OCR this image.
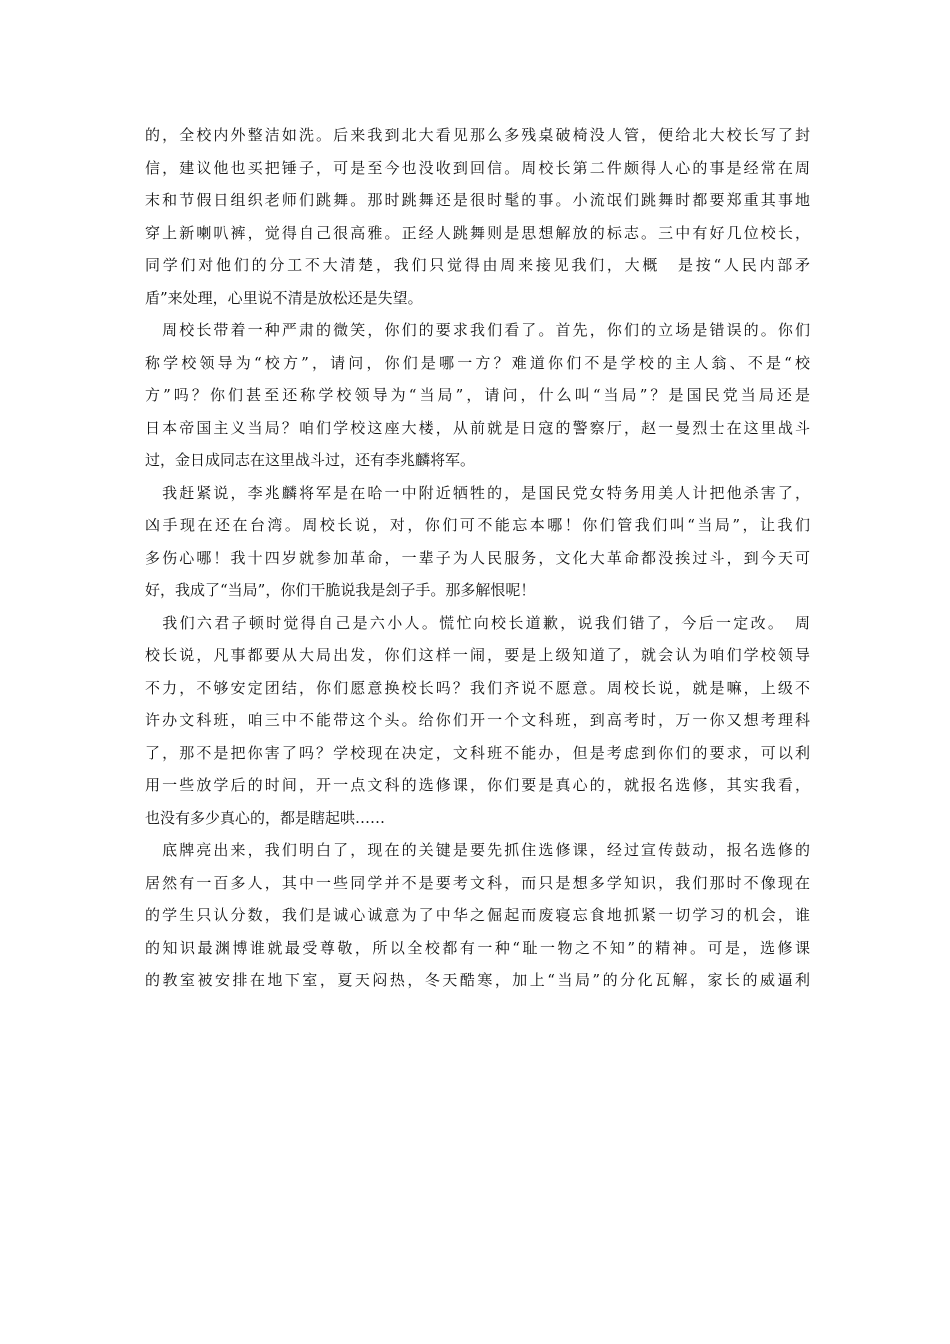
的，全校内外整洁如洗。后来我到北大看见那么多残桌破椅没人管，便给北大校长写了封
信，建议他也买把锤子，可是至今也没收到回信。周校长第二件颇得人心的事是经常在周
末和节假日组织老师们跳舞。那时跳舞还是很时髦的事。小流氓们跳舞时都要郑重其事地
穿上新喇叭裤，觉得自己很高雅。正经人跳舞则是思想解放的标志。三中有好几位校长，
同学们对他们的分工不大清楚，我们只觉得由周来接见我们，大概　是按“人民内部矛
盾”来处理，心里说不清是放松还是失望。
　周校长带着一种严肃的微笑，你们的要求我们看了。首先，你们的立场是错误的。你们
称学校领导为“校方”，请问，你们是哪一方？难道你们不是学校的主人翁、不是“校
方”吗？你们甚至还称学校领导为“当局”，请问，什么叫“当局”？是国民党当局还是
日本帝国主义当局？咱们学校这座大楼，从前就是日寇的警察厅，赵一曼烈士在这里战斗
过，金日成同志在这里战斗过，还有李兆麟将军。
　我赶紧说，李兆麟将军是在哈一中附近牺牲的，是国民党女特务用美人计把他杀害了，
凶手现在还在台湾。周校长说，对，你们可不能忘本哪！你们管我们叫“当局”，让我们
多伤心哪！我十四岁就参加革命，一辈子为人民服务，文化大革命都没挨过斗，到今天可
好，我成了“当局”，你们干脆说我是刽子手。那多解恨呢！
　我们六君子顿时觉得自己是六小人。慌忙向校长道歉，说我们错了，今后一定改。　周
校长说，凡事都要从大局出发，你们这样一闹，要是上级知道了，就会认为咱们学校领导
不力，不够安定团结，你们愿意换校长吗？我们齐说不愿意。周校长说，就是嘛，上级不
许办文科班，咱三中不能带这个头。给你们开一个文科班，到高考时，万一你又想考理科
了，那不是把你害了吗？学校现在决定，文科班不能办，但是考虑到你们的要求，可以利
用一些放学后的时间，开一点文科的选修课，你们要是真心的，就报名选修，其实我看，
也没有多少真心的，都是瞎起哄……
　底牌亮出来，我们明白了，现在的关键是要先抓住选修课，经过宣传鼓动，报名选修的
居然有一百多人，其中一些同学并不是要考文科，而只是想多学知识，我们那时不像现在
的学生只认分数，我们是诚心诚意为了中华之倔起而废寝忘食地抓紧一切学习的机会，谁
的知识最渊博谁就最受尊敬，所以全校都有一种“耻一物之不知”的精神。可是，选修课
的教室被安排在地下室，夏天闷热，冬天酷寒，加上“当局”的分化瓦解，家长的威逼利
